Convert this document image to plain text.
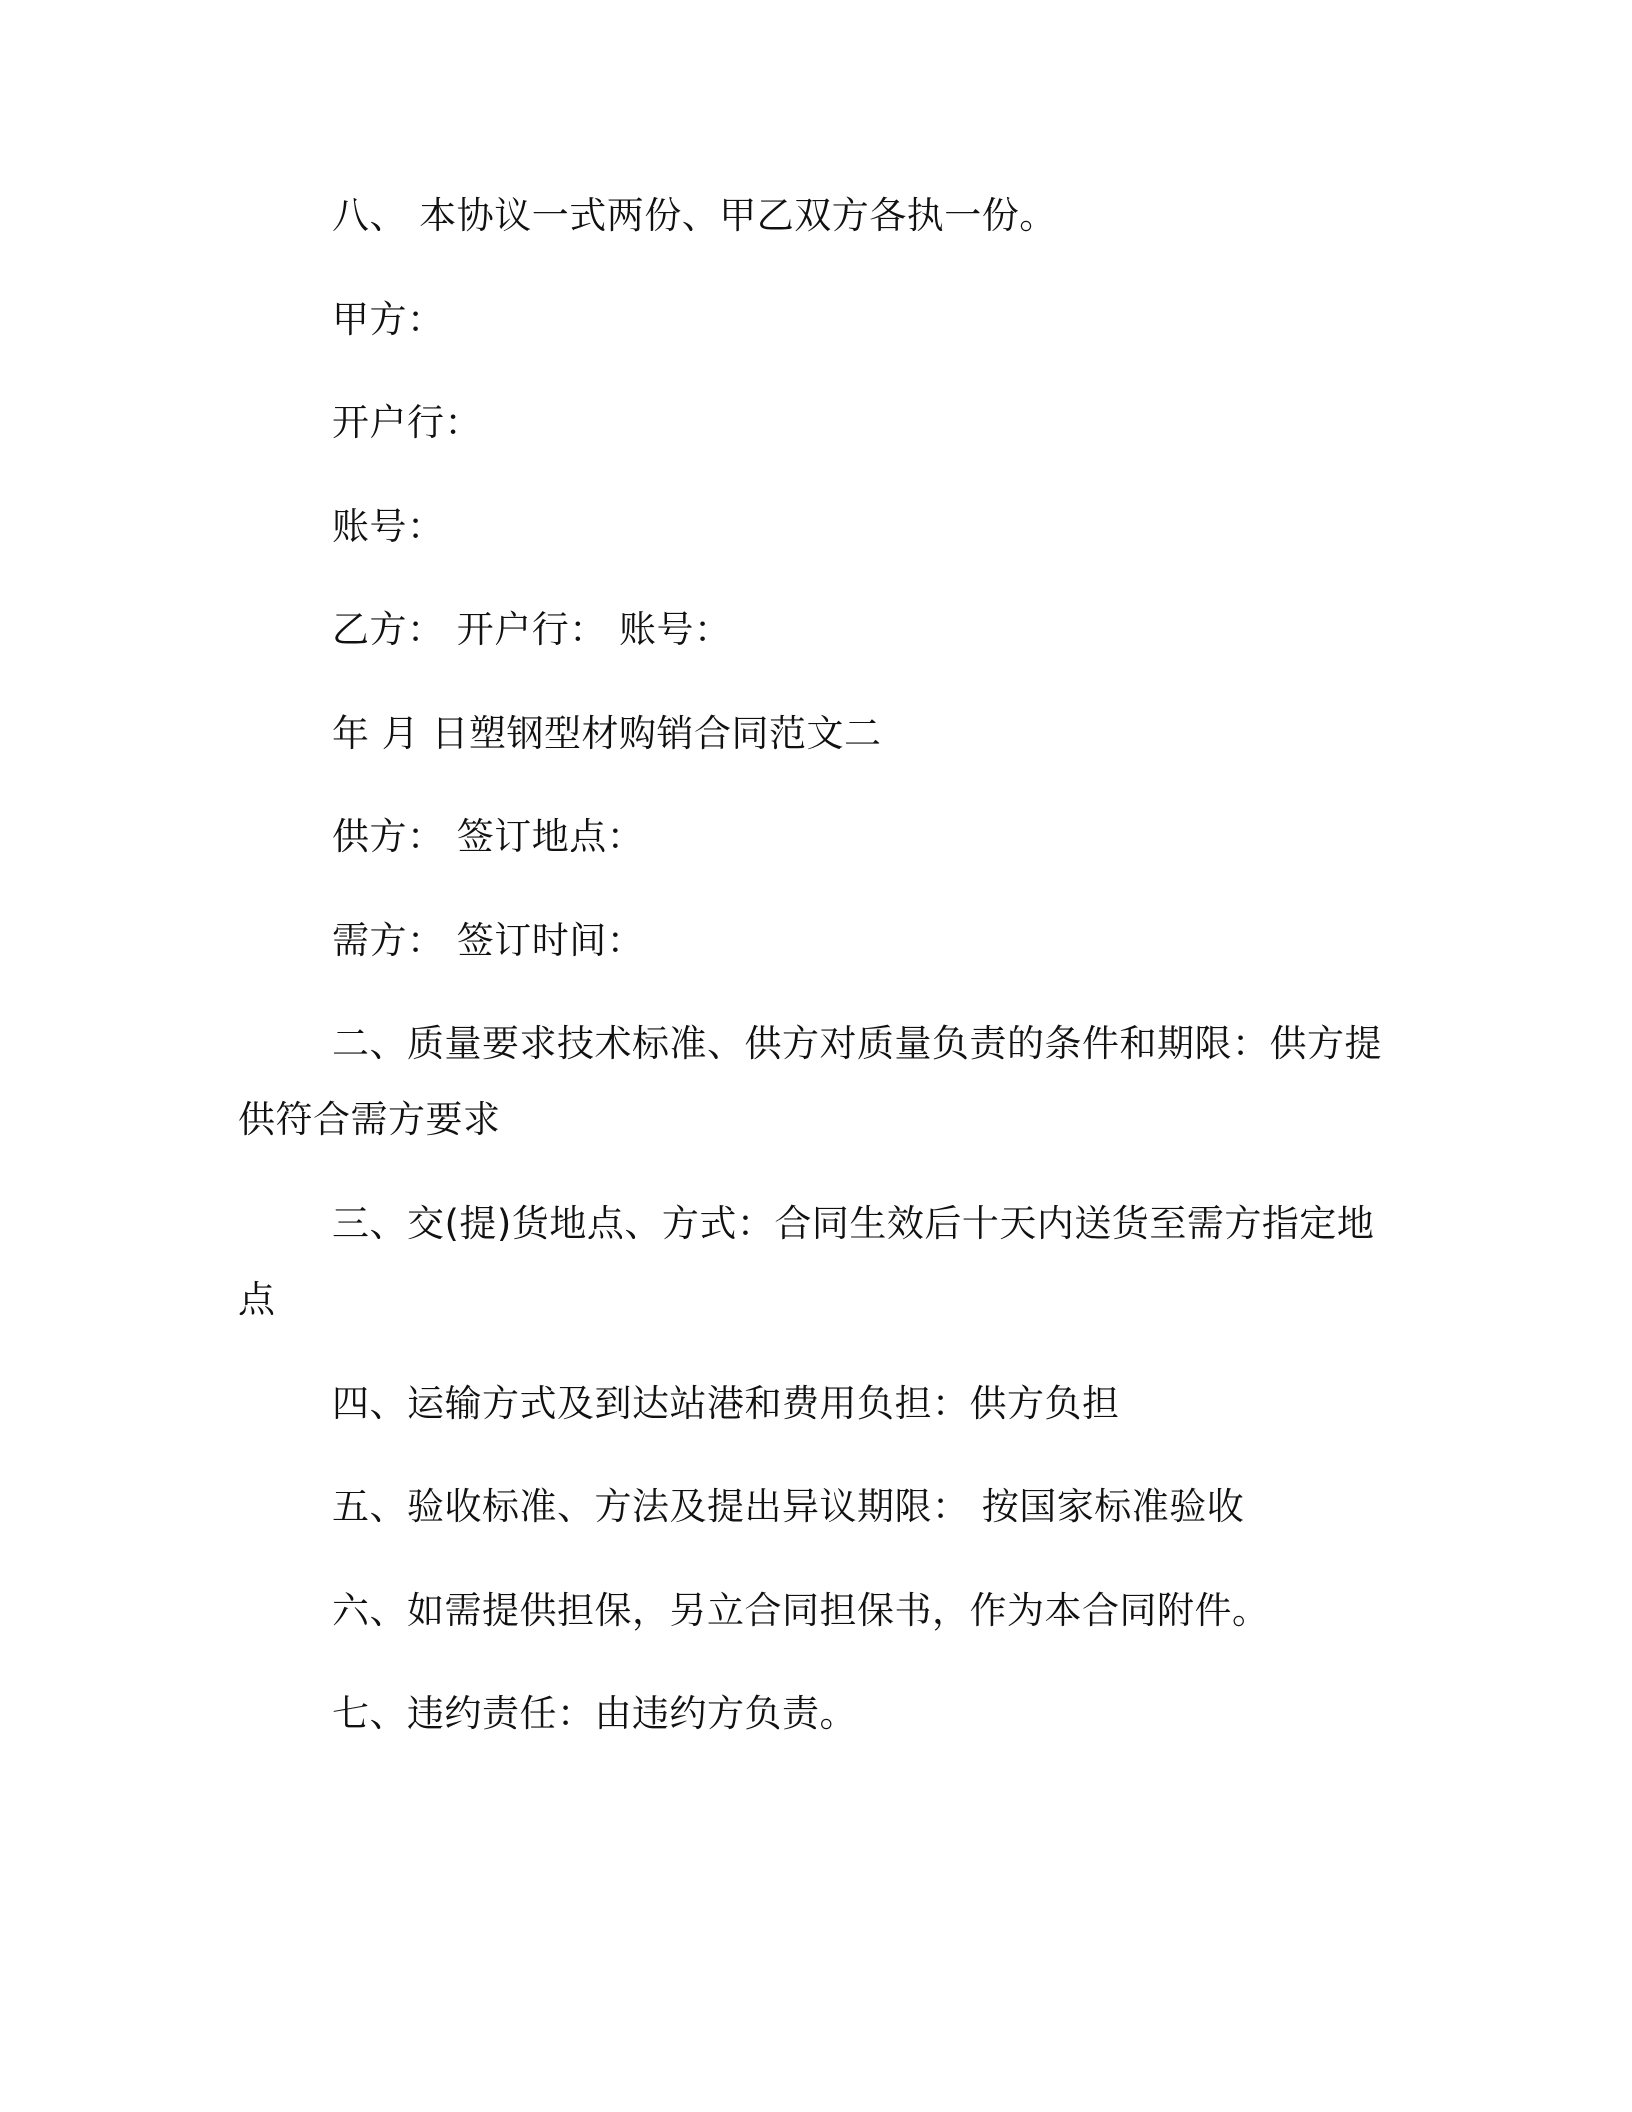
八、 本协议一式两份、甲乙双方各执一份。
甲方：
开户行：
账号：
乙方： 开户行： 账号：
年 月 日塑钢型材购销合同范文二
供方： 签订地点：
需方： 签订时间：
二、质量要求技术标准、供方对质量负责的条件和期限：供方提
供符合需方要求
三、交(提)货地点、方式：合同生效后十天内送货至需方指定地
点
四、运输方式及到达站港和费用负担：供方负担
五、验收标准、方法及提出异议期限： 按国家标准验收
六、如需提供担保，另立合同担保书，作为本合同附件。
七、违约责任：由违约方负责。
